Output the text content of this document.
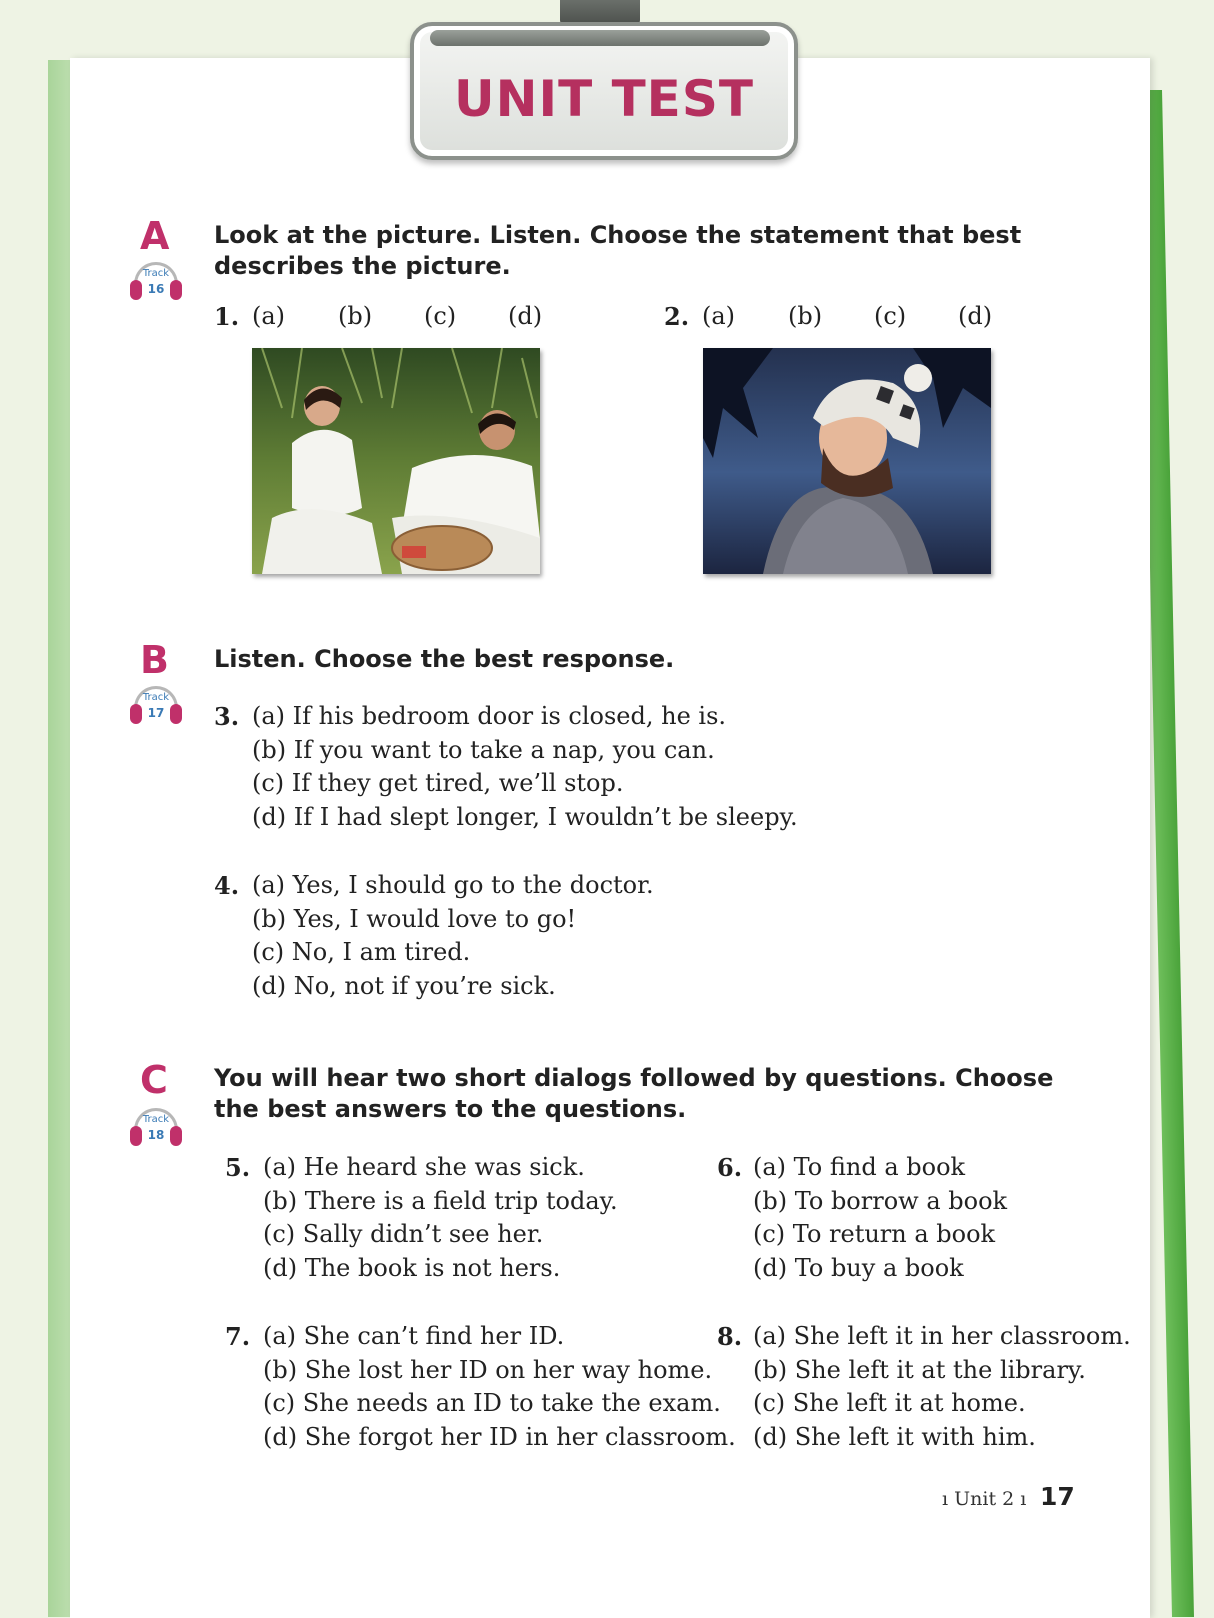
UNIT TEST
A
Track
16
Look at the picture. Listen. Choose the statement that best describes the picture.
1. (a) (b) (c) (d)	2. (a) (b) (c) (d)
B
Track
17
Listen. Choose the best response.
3. (a) If his bedroom door is closed, he is.
(b) If you want to take a nap, you can.
(c) If they get tired, we’ll stop.
(d) If I had slept longer, I wouldn’t be sleepy.
4. (a) Yes, I should go to the doctor.
(b) Yes, I would love to go!
(c) No, I am tired.
(d) No, not if you’re sick.
C
Track
18
You will hear two short dialogs followed by questions. Choose the best answers to the questions.
5. (a) He heard she was sick.
(b) There is a field trip today.
(c) Sally didn’t see her.
(d) The book is not hers.
6. (a) To find a book
(b) To borrow a book
(c) To return a book
(d) To buy a book
7. (a) She can’t find her ID.
(b) She lost her ID on her way home.
(c) She needs an ID to take the exam.
(d) She forgot her ID in her classroom.
8. (a) She left it in her classroom.
(b) She left it at the library.
(c) She left it at home.
(d) She left it with him.
ı Unit 2 ı 17
